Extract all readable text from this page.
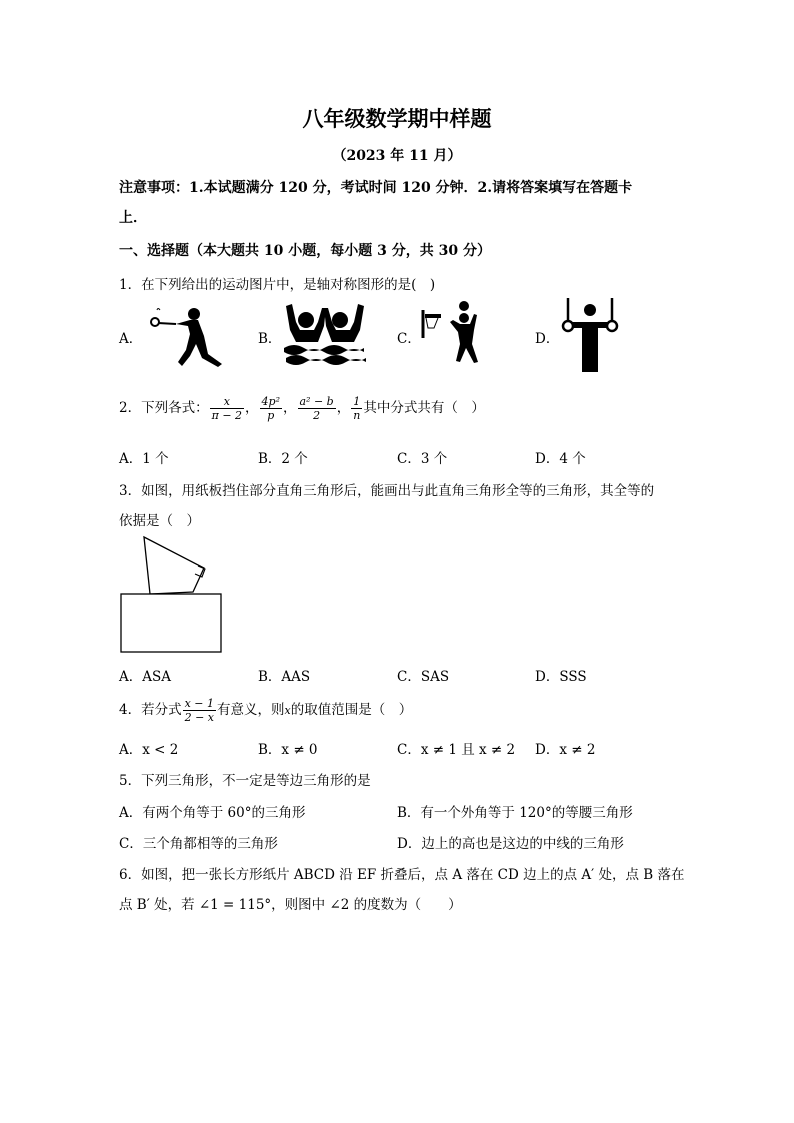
八年级数学期中样题
（2023 年 11 月）
注意事项：1.本试题满分 120 分，考试时间 120 分钟．2.请将答案填写在答题卡
上．
一、选择题（本大题共 10 小题，每小题 3 分，共 30 分）
1．在下列给出的运动图片中，是轴对称图形的是(　)
A．	B．	C．	D．
2．下列各式： $\frac{x}{\pi - 2}$ ， $\frac{\text{4p²}}{p}$ ， $\frac{\text{a² − b}}{2}$ ， $\frac{1}{n}$ 其中分式共有（　）
A．1 个	B．2 个	C．3 个	D．4 个
3．如图，用纸板挡住部分直角三角形后，能画出与此直角三角形全等的三角形，其全等的
依据是（　）
A．ASA	B．AAS	C．SAS	D．SSS
4．若分式 $\frac{x - 1}{2 - x}$ 有意义，则x的取值范围是（　）
A．x < 2	B．x ≠ 0	C．x ≠ 1 且 x ≠ 2 D．x ≠ 2
5．下列三角形，不一定是等边三角形的是
A．有两个角等于 60°的三角形	B．有一个外角等于 120°的等腰三角形
C．三个角都相等的三角形	D．边上的高也是这边的中线的三角形
6．如图，把一张长方形纸片 ABCD 沿 EF 折叠后，点 A 落在 CD 边上的点 A′ 处，点 B 落在
点 B′ 处，若 ∠1 = 115°，则图中 ∠2 的度数为（　　）
